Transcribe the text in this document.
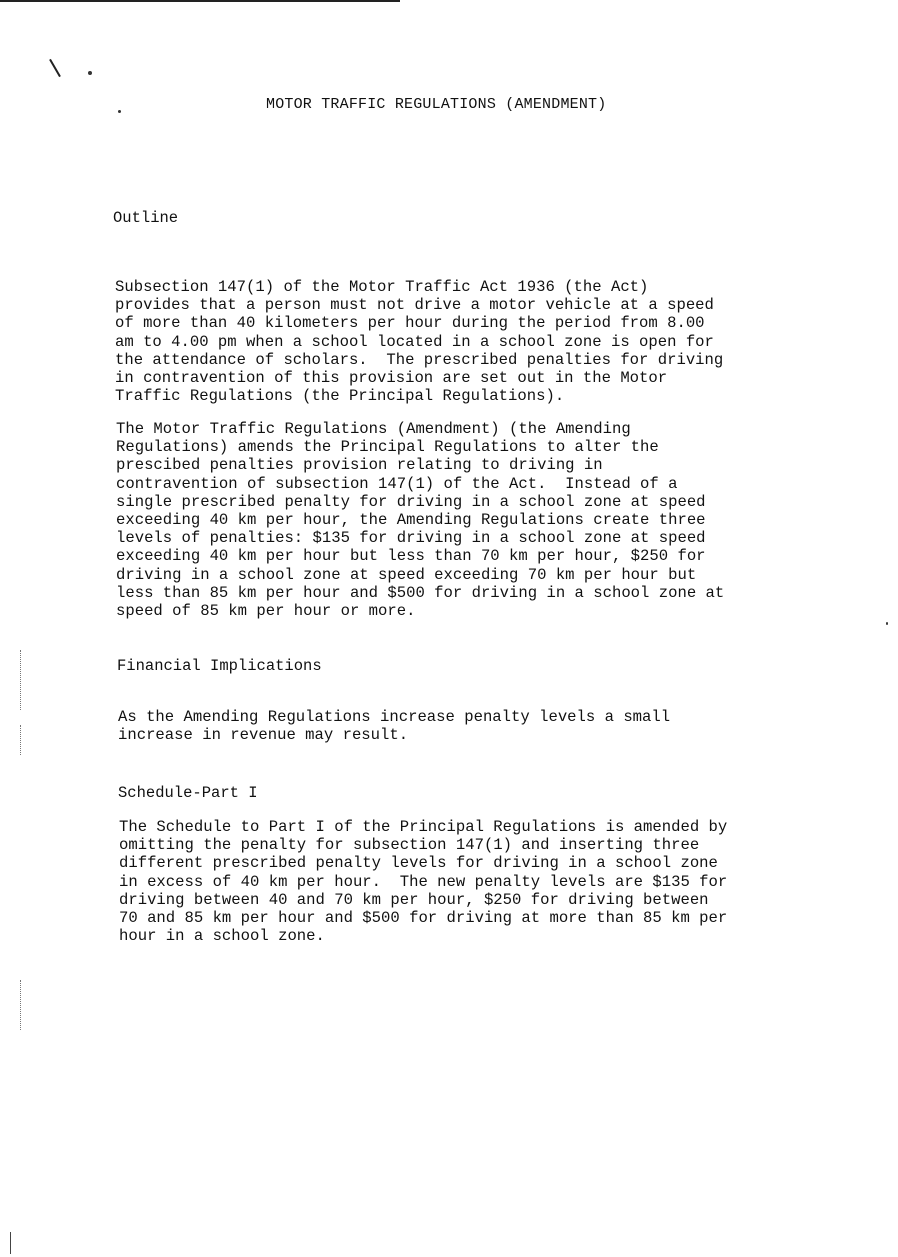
MOTOR TRAFFIC REGULATIONS (AMENDMENT)
Outline

Subsection 147(1) of the Motor Traffic Act 1936 (the Act)
provides that a person must not drive a motor vehicle at a speed
of more than 40 kilometers per hour during the period from 8.00
am to 4.00 pm when a school located in a school zone is open for
the attendance of scholars.  The prescribed penalties for driving
in contravention of this provision are set out in the Motor
Traffic Regulations (the Principal Regulations).

The Motor Traffic Regulations (Amendment) (the Amending
Regulations) amends the Principal Regulations to alter the
prescibed penalties provision relating to driving in
contravention of subsection 147(1) of the Act.  Instead of a
single prescribed penalty for driving in a school zone at speed
exceeding 40 km per hour, the Amending Regulations create three
levels of penalties: $135 for driving in a school zone at speed
exceeding 40 km per hour but less than 70 km per hour, $250 for
driving in a school zone at speed exceeding 70 km per hour but
less than 85 km per hour and $500 for driving in a school zone at
speed of 85 km per hour or more.

Financial Implications

As the Amending Regulations increase penalty levels a small
increase in revenue may result.

Schedule-Part I

The Schedule to Part I of the Principal Regulations is amended by
omitting the penalty for subsection 147(1) and inserting three
different prescribed penalty levels for driving in a school zone
in excess of 40 km per hour.  The new penalty levels are $135 for
driving between 40 and 70 km per hour, $250 for driving between
70 and 85 km per hour and $500 for driving at more than 85 km per
hour in a school zone.
